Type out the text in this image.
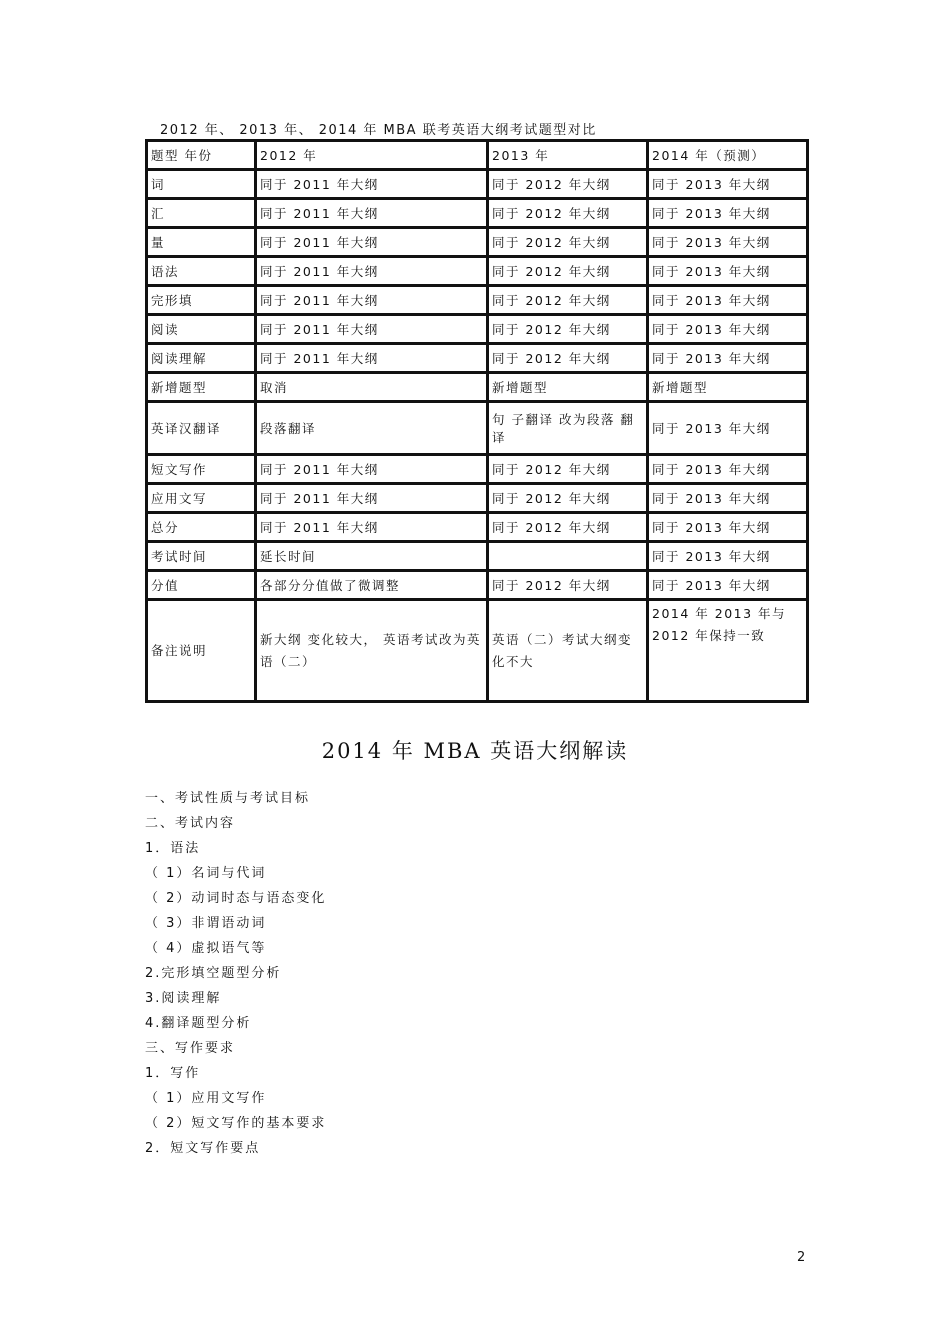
2012 年、 2013 年、 2014 年 MBA 联考英语大纲考试题型对比
题型 年份	2012 年	2013 年	2014 年（预测）
词	同于 2011 年大纲	同于 2012 年大纲	同于 2013 年大纲
汇	同于 2011 年大纲	同于 2012 年大纲	同于 2013 年大纲
量	同于 2011 年大纲	同于 2012 年大纲	同于 2013 年大纲
语法	同于 2011 年大纲	同于 2012 年大纲	同于 2013 年大纲
完形填	同于 2011 年大纲	同于 2012 年大纲	同于 2013 年大纲
阅读	同于 2011 年大纲	同于 2012 年大纲	同于 2013 年大纲
阅读理解	同于 2011 年大纲	同于 2012 年大纲	同于 2013 年大纲
新增题型	取消	新增题型	新增题型
英译汉翻译	段落翻译	句 子翻译 改为段落 翻 译	同于 2013 年大纲
短文写作	同于 2011 年大纲	同于 2012 年大纲	同于 2013 年大纲
应用文写	同于 2011 年大纲	同于 2012 年大纲	同于 2013 年大纲
总分	同于 2011 年大纲	同于 2012 年大纲	同于 2013 年大纲
考试时间	延长时间		同于 2013 年大纲
分值	各部分分值做了微调整	同于 2012 年大纲	同于 2013 年大纲
备注说明	新大纲 变化较大， 英语考试改为英语（二）	英语（二）考试大纲变化不大	2014 年 2013 年与 2012 年保持一致
2014 年 MBA 英语大纲解读
一、考试性质与考试目标
二、考试内容
1．语法
（ 1）名词与代词
（ 2）动词时态与语态变化
（ 3）非谓语动词
（ 4）虚拟语气等
2.完形填空题型分析
3.阅读理解
4.翻译题型分析
三、写作要求
1．写作
（ 1）应用文写作
（ 2）短文写作的基本要求
2．短文写作要点
2
